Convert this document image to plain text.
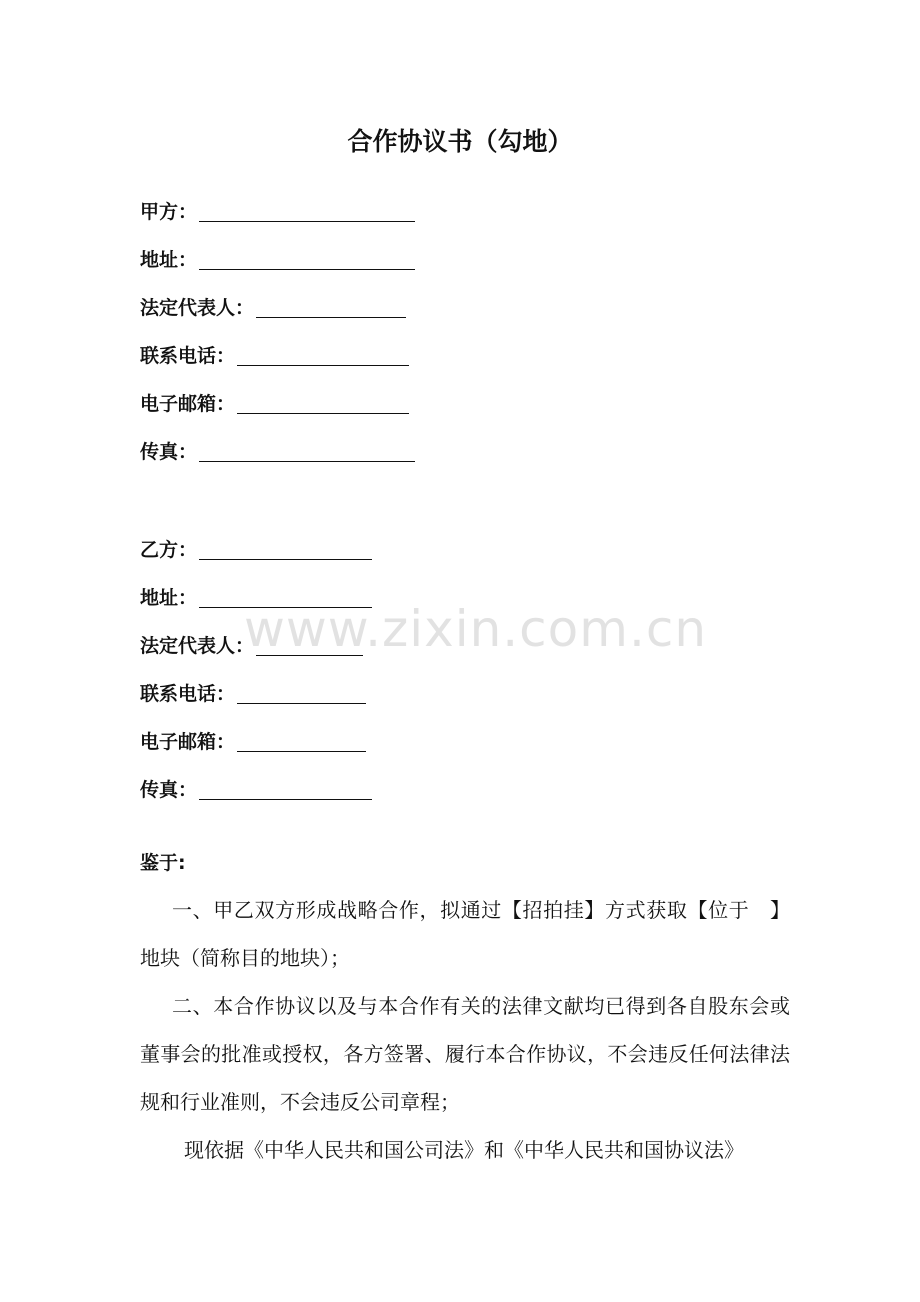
合作协议书（勾地）
甲方：
地址：
法定代表人：
联系电话：
电子邮箱：
传真：
乙方：
地址：
法定代表人：
联系电话：
电子邮箱：
传真：
www.zixin.com.cn
鉴于:
一、甲乙双方形成战略合作，拟通过【招拍挂】方式获取【位于　】地块（简称目的地块）；
二、本合作协议以及与本合作有关的法律文献均已得到各自股东会或董事会的批准或授权，各方签署、履行本合作协议，不会违反任何法律法规和行业准则，不会违反公司章程；
现依据《中华人民共和国公司法》和《中华人民共和国协议法》
